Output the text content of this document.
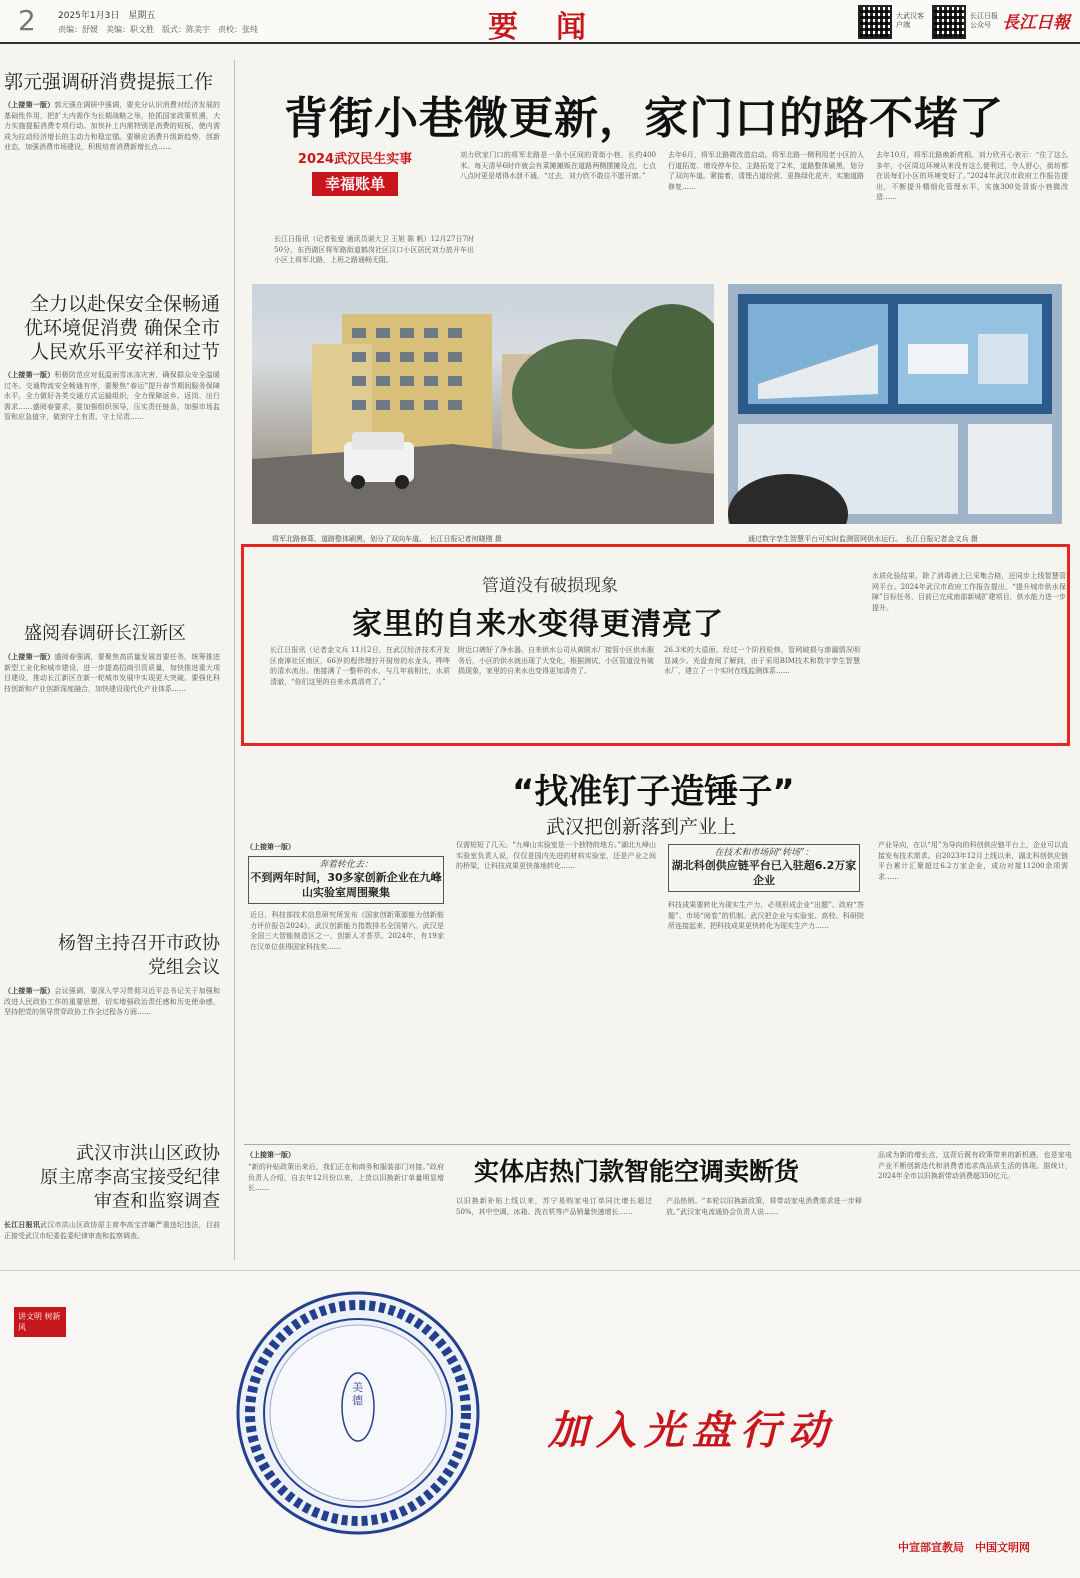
2 2025年1月3日　星期五
责编：舒媛　美编：职文胜　版式：陈美宇　责校：张纯	要闻	大武汉客户端
长江日报公众号 長江日報
郭元强调研消费提振工作
（上接第一版）郭元强在调研中强调，要充分认识消费对经济发展的基础性作用，把扩大内需作为长期战略之举，抢抓国家政策机遇，大力实施提振消费专项行动。加快补上内需特别是消费的短板，使内需成为拉动经济增长的主动力和稳定锚。要顺应消费升级新趋势，创新业态，加强消费市场建设，积极培育消费新增长点……
全力以赴保安全保畅通
优环境促消费 确保全市
人民欢乐平安祥和过节
（上接第一版）积极防范应对低温雨雪冰冻灾害，确保群众安全温暖过冬。交通物流安全畅通有序，要聚焦“春运”提升春节期间服务保障水平，全力做好各类交通方式运输组织，全力保障返乡、返岗、出行需求……盛阅春要求，要加强组织领导，压实责任链条，加强市场监管和应急值守，做到守土有责、守土尽责……
盛阅春调研长江新区
（上接第一版）盛阅春强调，要聚焦高质量发展首要任务，统筹推进新型工业化和城市建设，进一步提高招商引资质量，加快推进重大项目建设，推动长江新区在新一轮城市发展中实现更大突破。要强化科技创新和产业创新深度融合，加快建设现代化产业体系……
杨智主持召开市政协
党组会议
（上接第一版）会议强调，要深入学习贯彻习近平总书记关于加强和改进人民政协工作的重要思想，切实增强政治责任感和历史使命感，坚持把党的领导贯穿政协工作全过程各方面……
武汉市洪山区政协
原主席李高宝接受纪律
审查和监察调查
长江日报讯武汉市洪山区政协原主席李高宝涉嫌严重违纪违法，目前正接受武汉市纪委监委纪律审查和监察调查。
背街小巷微更新，家门口的路不堵了
2024武汉民生实事
幸福账单
长江日报讯（记者张爱 通讯员谌大卫 王旭 陈 帆）12月27日7时50分，东西湖区将军路街道鹤岗社区汉口小区居民刘力放开车出小区上将军北路，上班之路通畅无阻。
刘力欣家门口的将军北路是一条小区间的背街小巷，长约400米。每天清早6时许就会有菜摊摊贩在道路两侧摆摊设点，七点八点时更是堵得水泄不通，“过去，刘力欣不敢往不愿开窗。”
去年6月，将军北路微改造启动。将军北路一侧利用老小区的人行道拓宽、增设停车位，主路拓宽了2米，道路整体刷黑，划分了双向车道。紧接着，清理占道经营，更换绿化花卉，实施道路修复……
去年10月，将军北路焕新亮相。刘力欣开心表示：“住了这么多年，小区周边环境从来没有这么便利过，令人舒心，街坊都在说每们小区的环境变好了。”2024年武汉市政府工作报告提出，不断提升精细化管理水平，实施300处背街小巷微改造……
将军北路修葺，道路整体刷黑，划分了双向车道。　长江日报记者何晓刚 摄	通过数字孪生智慧平台可实时监测管网供水运行。　长江日报记者金文兵 摄
管道没有破损现象
家里的自来水变得更清亮了
长江日报讯（记者金文兵 11月2日，在武汉经济技术开发区南漳社区南区，66岁的程伟理拧开厨房的水龙头，哗哗的清水流出。他接满了一整杯的水，与几年前相比，水质清澈，“你们这里的自来水真清亮了。”
附近口碑好了净水器。自来供水公司从黄陂水厂接管小区供水服务后，小区的供水就出现了大变化，根据测试，小区管道没有破损现象，家里的自来水也变得更加清亮了。
26.3米的大盾面。经过一个阶段检修，管网破损与渗漏情况明显减少。光盘查阅了解到，由于采用BIM技术和数字孪生智慧水厂，建立了一个实时在线监测体系……
水质化验结果，除了消毒液上已采集合格，还同步上线智慧管网平台。2024年武汉市政府工作报告提出，“提升城市供水保障”目标任务，目前已完成南部新城扩建项目，供水能力进一步提升。
“找准钉子造锤子”
武汉把创新落到产业上
（上接第一版）
奔着转化去：
不到两年时间，30多家创新企业在九峰山实验室周围聚集
在技术和市场间“转场”：
湖北科创供应链平台已入驻超6.2万家企业
近日，科技部技术信息研究所发布《国家创新策源能力创新能力评价报告2024》，武汉创新能力指数排名全国第六。武汉是全国三大智能制造区之一，创新人才荟萃。2024年，有19家在汉单位获得国家科技奖……
仅需短短了几天。“九峰山实验室是一个独特的地方。”湖北九峰山实验室负责人说，仅仅是国内先进的材料实验室，还是产业之间的桥梁，让科技成果更快落地转化……
科技成果要转化为现实生产力，必须形成企业“出题”、政府“答题”、市场“阅卷”的机制。武汉把企业与实验室、高校、科研院所连接起来，把科技成果更快转化为现实生产力……
产业导向，在以“用”为导向的科创供应链平台上，企业可以直接发布技术需求。自2023年12月上线以来，湖北科创供应链平台累计汇聚超过6.2万家企业，成功对接11200余项需求……
实体店热门款智能空调卖断货
（上接第一版）
“新的补贴政策出来后，我们正在和商务和服装部门对接。”政府负责人介绍，自去年12月份以来，上货以旧换新订单量明显增长……
以旧换新补贴上线以来，苏宁易购家电订单同比增长超过50%，其中空调、冰箱、洗衣机等产品销量快速增长……
产品热销。“本轮以旧换新政策，将带动家电消费需求进一步释放。”武汉家电流通协会负责人说……
品成为新的增长点，这背后既有政策带来的新机遇，也是家电产业不断创新迭代和消费者追求高品质生活的体现。据统计，2024年全市以旧换新带动消费超350亿元。
讲文明 树新风
美德
加入光盘行动
中宣部宣教局　中国文明网
